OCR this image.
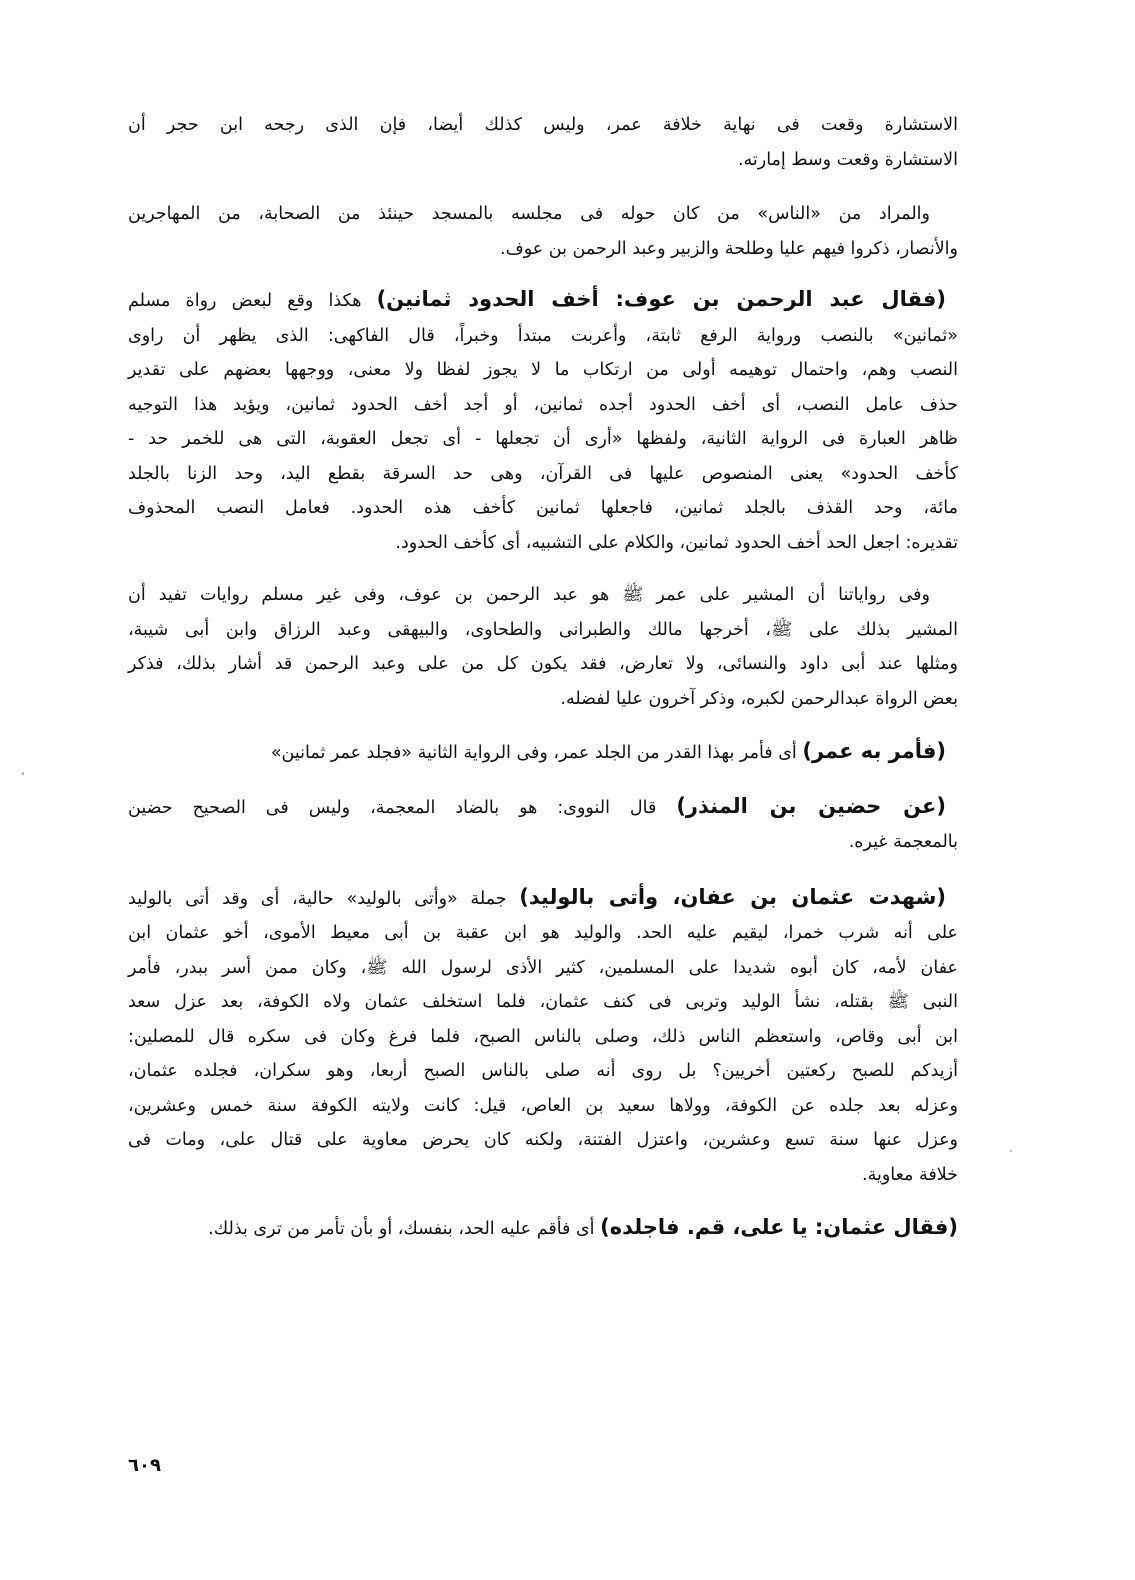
الاستشارة وقعت فى نهاية خلافة عمر، وليس كذلك أيضا، فإن الذى رجحه ابن حجر أن
الاستشارة وقعت وسط إمارته.

والمراد من «الناس» من كان حوله فى مجلسه بالمسجد حينئذ من الصحابة، من المهاجرين
والأنصار، ذكروا فيهم عليا وطلحة والزبير وعبد الرحمن بن عوف.

(فقال عبد الرحمن بن عوف: أخف الحدود ثمانين) هكذا وقع لبعض رواة مسلم
«ثمانين» بالنصب ورواية الرفع ثابتة، وأعربت مبتدأ وخبراً، قال الفاكهى: الذى يظهر أن راوى
النصب وهم، واحتمال توهيمه أولى من ارتكاب ما لا يجوز لفظا ولا معنى، ووجهها بعضهم على تقدير
حذف عامل النصب، أى أخف الحدود أجده ثمانين، أو أجد أخف الحدود ثمانين، ويؤيد هذا التوجيه
ظاهر العبارة فى الرواية الثانية، ولفظها «أرى أن تجعلها - أى تجعل العقوبة، التى هى للخمر حد -
كأخف الحدود» يعنى المنصوص عليها فى القرآن، وهى حد السرقة بقطع اليد، وحد الزنا بالجلد
مائة، وحد القذف بالجلد ثمانين، فاجعلها ثمانين كأخف هذه الحدود. فعامل النصب المحذوف
تقديره: اجعل الحد أخف الحدود ثمانين، والكلام على التشبيه، أى كأخف الحدود.

وفى رواياتنا أن المشير على عمر ﷺ هو عبد الرحمن بن عوف، وفى غير مسلم روايات تفيد أن
المشير بذلك على ﷺ، أخرجها مالك والطبرانى والطحاوى، والبيهقى وعبد الرزاق وابن أبى شيبة،
ومثلها عند أبى داود والنسائى، ولا تعارض، فقد يكون كل من على وعبد الرحمن قد أشار بذلك، فذكر
بعض الرواة عبدالرحمن لكبره، وذكر آخرون عليا لفضله.

(فأمر به عمر) أى فأمر بهذا القدر من الجلد عمر، وفى الرواية الثانية «فجلد عمر ثمانين»

(عن حضين بن المنذر) قال النووى: هو بالضاد المعجمة، وليس فى الصحيح حضين
بالمعجمة غيره.

(شهدت عثمان بن عفان، وأتى بالوليد) جملة «وأتى بالوليد» حالية، أى وقد أتى بالوليد
على أنه شرب خمرا، ليقيم عليه الحد. والوليد هو ابن عقبة بن أبى معيط الأموى، أخو عثمان ابن
عفان لأمه، كان أبوه شديدا على المسلمين، كثير الأذى لرسول الله ﷺ، وكان ممن أسر ببدر، فأمر
النبى ﷺ بقتله، نشأ الوليد وتربى فى كنف عثمان، فلما استخلف عثمان ولاه الكوفة، بعد عزل سعد
ابن أبى وقاص، واستعظم الناس ذلك، وصلى بالناس الصبح، فلما فرغ وكان فى سكره قال للمصلين:
أزيدكم للصبح ركعتين أخريين؟ بل روى أنه صلى بالناس الصبح أربعا، وهو سكران، فجلده عثمان،
وعزله بعد جلده عن الكوفة، وولاها سعيد بن العاص، قيل: كانت ولايته الكوفة سنة خمس وعشرين،
وعزل عنها سنة تسع وعشرين، واعتزل الفتنة، ولكنه كان يحرض معاوية على قتال على، ومات فى
خلافة معاوية.

(فقال عثمان: يا على، قم. فاجلده) أى فأقم عليه الحد، بنفسك، أو بأن تأمر من ترى بذلك.

٦٠٩
